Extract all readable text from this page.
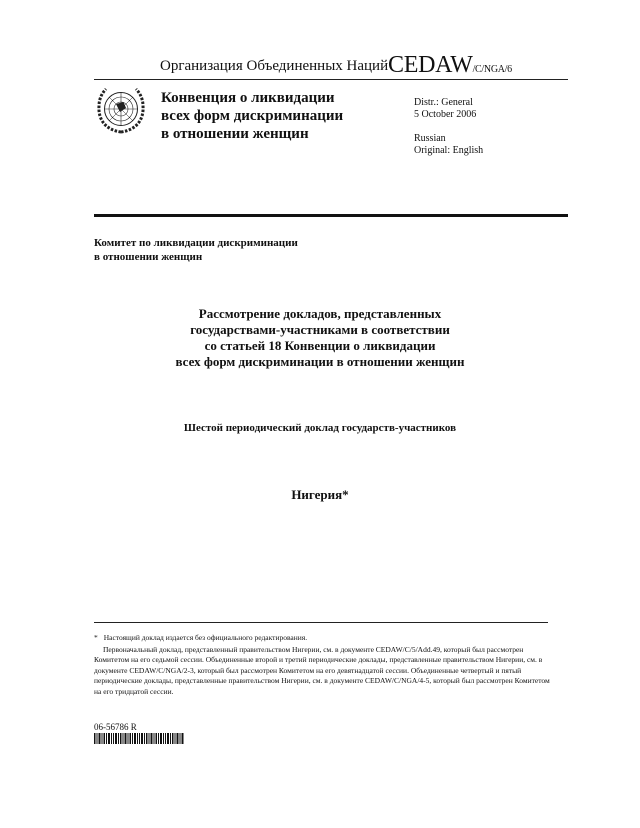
Организация Объединенных Наций CEDAW/C/NGA/6
Конвенция о ликвидации
всех форм дискриминации
в отношении женщин
Distr.: General
5 October 2006

Russian
Original: English
Комитет по ликвидации дискриминации
в отношении женщин
Рассмотрение докладов, представленных
государствами-участниками в соответствии
со статьей 18 Конвенции о ликвидации
всех форм дискриминации в отношении женщин
Шестой периодический доклад государств-участников
Нигерия*
* Настоящий доклад издается без официального редактирования.
Первоначальный доклад, представленный правительством Нигерии, см. в документе CEDAW/C/5/Add.49, который был рассмотрен Комитетом на его седьмой сессии. Объединенные второй и третий периодические доклады, представленные правительством Нигерии, см. в документе CEDAW/C/NGA/2-3, который был рассмотрен Комитетом на его девятнадцатой сессии. Объединенные четвертый и пятый периодические доклады, представленные правительством Нигерии, см. в документе CEDAW/C/NGA/4-5, который был рассмотрен Комитетом на его тридцатой сессии.
06-56786 R
